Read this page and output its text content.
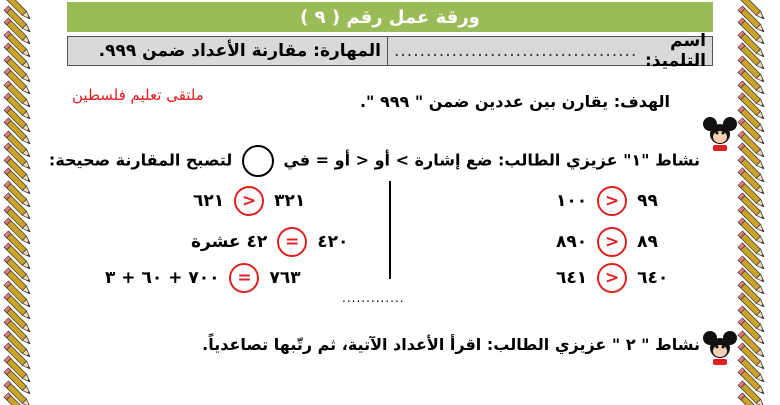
ورقة عمل رقم ( ٩ )
اسم التلميذ:
......................................
المهارة: مقارنة الأعداد ضمن ٩٩٩.
ملتقى تعليم فلسطين	الهدف: يقارن بين عددين ضمن " ٩٩٩ ".
نشاط "١" عزيزي الطالب: ضع إشارة > أو < أو = في  لتصبح المقارنة صحيحة:
٦٢١	>	٣٢١
٤٢ عشرة	=	٤٢٠
٧٠٠ + ٦٠ + ٣	=	٧٦٣
١٠٠	>	٩٩
٨٩٠	>	٨٩
٦٤١	>	٦٤٠
.............
نشاط " ٢ " عزيزي الطالب: اقرأ الأعداد الآتية، ثم رتّبها تصاعدياً.
